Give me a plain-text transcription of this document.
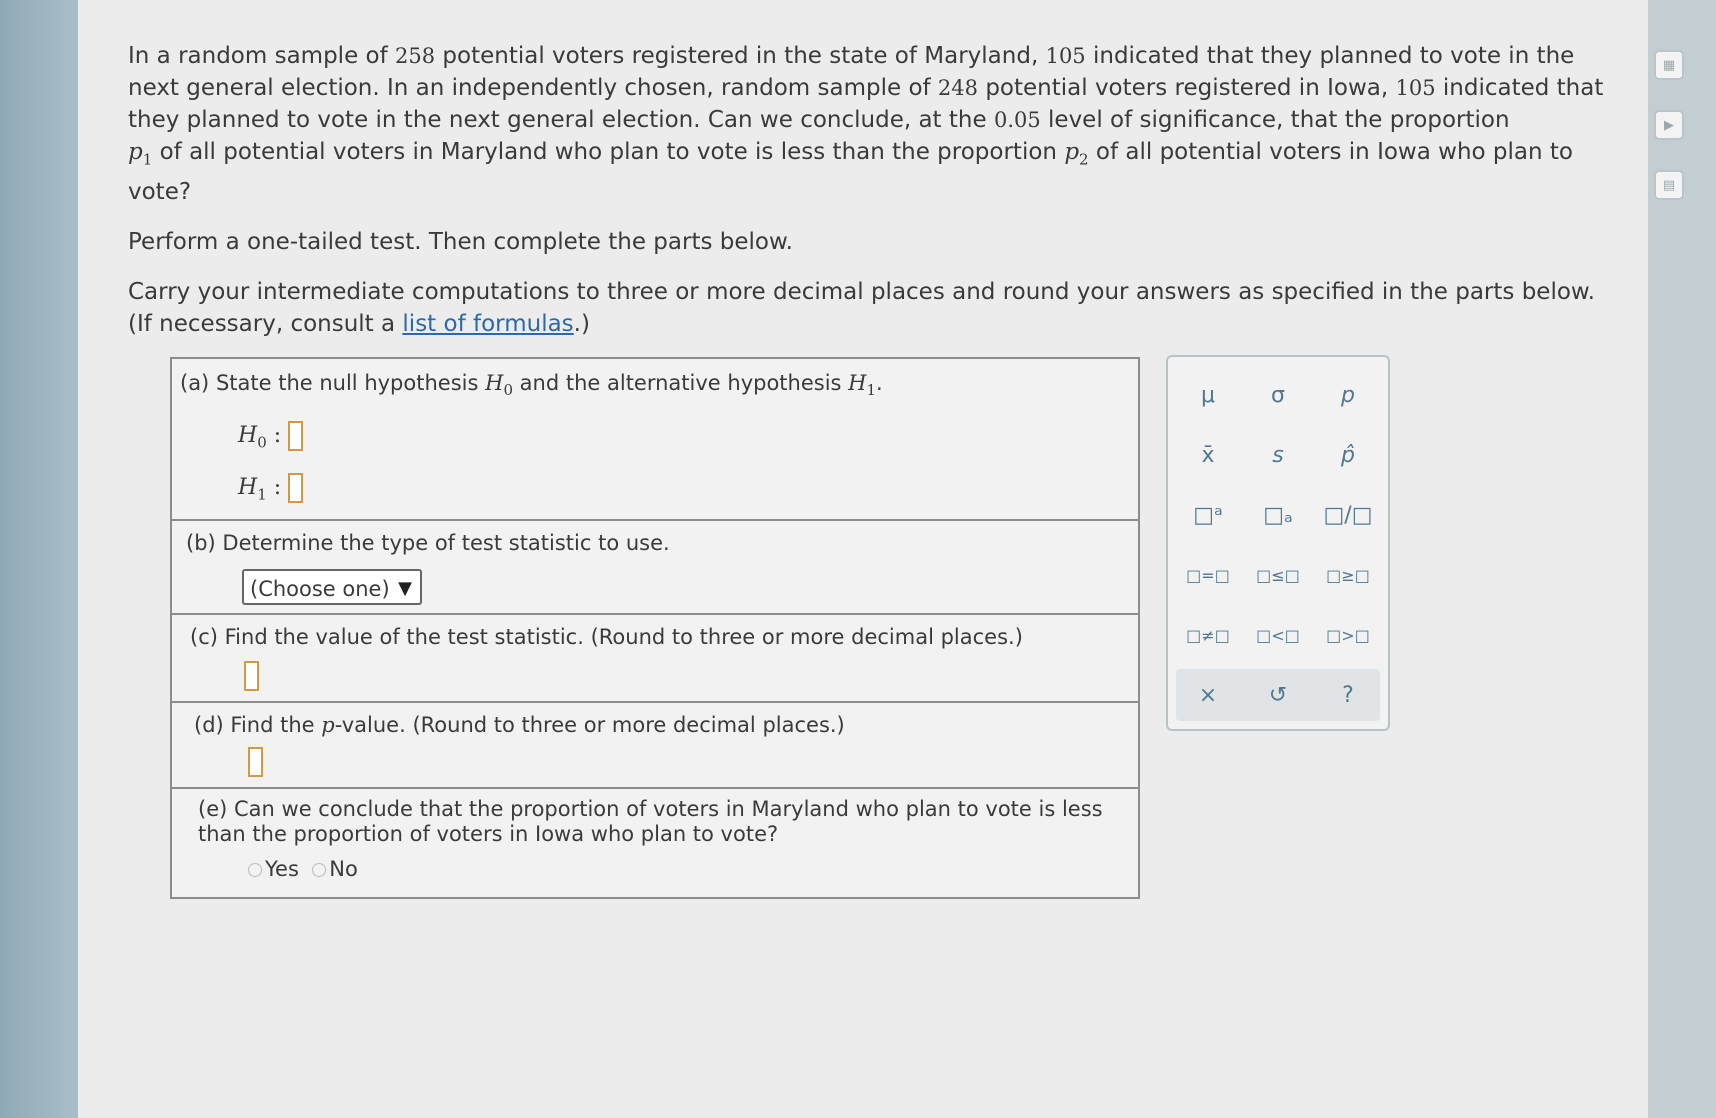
In a random sample of 258 potential voters registered in the state of Maryland, 105 indicated that they planned to vote in the next general election. In an independently chosen, random sample of 248 potential voters registered in Iowa, 105 indicated that they planned to vote in the next general election. Can we conclude, at the 0.05 level of significance, that the proportion
$p_1$ of all potential voters in Maryland who plan to vote is less than the proportion $p_2$ of all potential voters in Iowa who plan to vote?

Perform a one-tailed test. Then complete the parts below.

Carry your intermediate computations to three or more decimal places and round your answers as specified in the parts below. (If necessary, consult a list of formulas.)

▦
▶
▤
(a) State the null hypothesis $H_0$ and the alternative hypothesis $H_1$.
$H_0$ :
$H_1$ :
(b) Determine the type of test statistic to use.
(Choose one) ▼
(c) Find the value of the test statistic. (Round to three or more decimal places.)
(d) Find the p-value. (Round to three or more decimal places.)
(e) Can we conclude that the proportion of voters in Maryland who plan to vote is less than the proportion of voters in Iowa who plan to vote?
Yes No
μ	σ	p
x̄	s	p̂
□ᵃ	□ₐ	□/□
□=□	□≤□	□≥□
□≠□	□<□	□>□
×	↺	?
